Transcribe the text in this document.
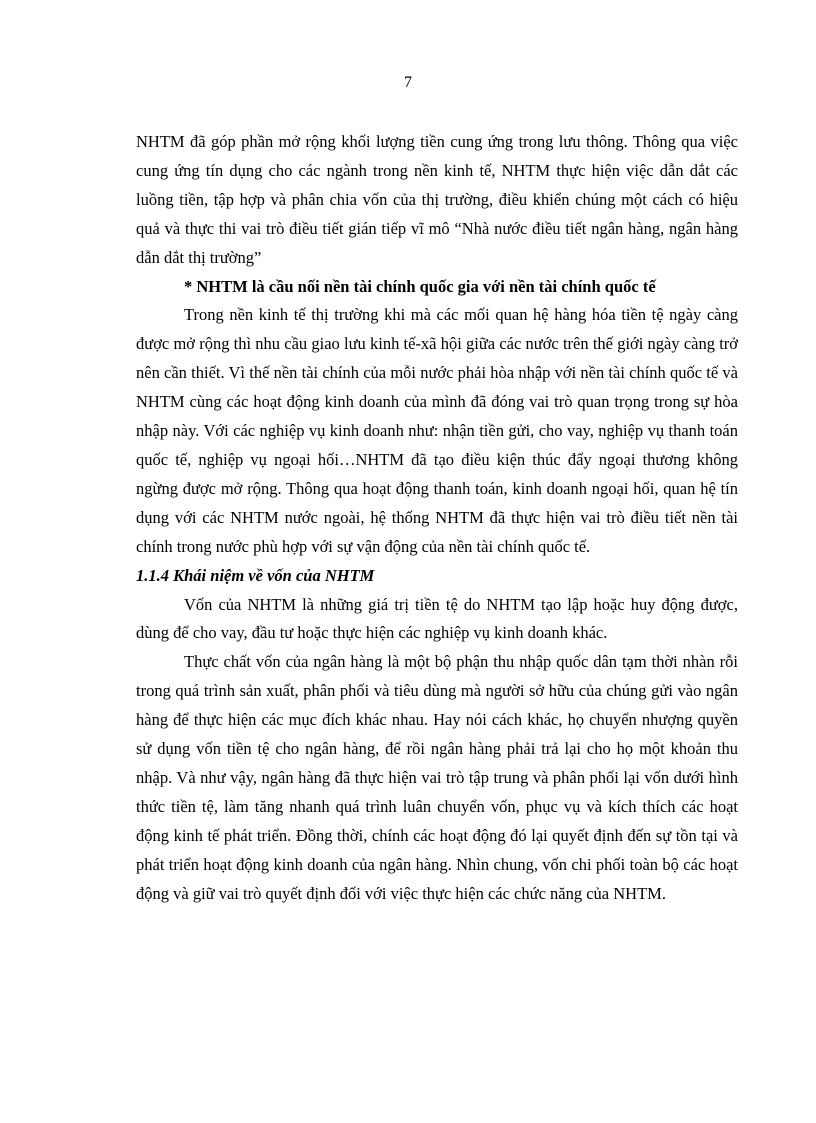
7

NHTM đã góp phần mở rộng khối lượng tiền cung ứng trong lưu thông. Thông qua việc cung ứng tín dụng cho các ngành trong nền kinh tế, NHTM thực hiện việc dẫn dắt các luồng tiền, tập hợp và phân chia vốn của thị trường, điều khiển chúng một cách có hiệu quả và thực thi vai trò điều tiết gián tiếp vĩ mô “Nhà nước điều tiết ngân hàng, ngân hàng dẫn dắt thị trường”

* NHTM là cầu nối nền tài chính quốc gia với nền tài chính quốc tế

Trong nền kinh tế thị trường khi mà các mối quan hệ hàng hóa tiền tệ ngày càng được mở rộng thì nhu cầu giao lưu kinh tế-xã hội giữa các nước trên thế giới ngày càng trở nên cần thiết. Vì thế nền tài chính của mỗi nước phải hòa nhập với nền tài chính quốc tế và NHTM cùng các hoạt động kinh doanh của mình đã đóng vai trò quan trọng trong sự hòa nhập này. Với các nghiệp vụ kinh doanh như: nhận tiền gửi, cho vay, nghiệp vụ thanh toán quốc tế, nghiệp vụ ngoại hối…NHTM đã tạo điều kiện thúc đẩy ngoại thương không ngừng được mở rộng. Thông qua hoạt động thanh toán, kinh doanh ngoại hối, quan hệ tín dụng với các NHTM nước ngoài, hệ thống NHTM đã thực hiện vai trò điều tiết nền tài chính trong nước phù hợp với sự vận động của nền tài chính quốc tế.

1.1.4 Khái niệm về vốn của NHTM

Vốn của NHTM là những giá trị tiền tệ do NHTM tạo lập hoặc huy động được, dùng để cho vay, đầu tư hoặc thực hiện các nghiệp vụ kinh doanh khác.

Thực chất vốn của ngân hàng là một bộ phận thu nhập quốc dân tạm thời nhàn rỗi trong quá trình sản xuất, phân phối và tiêu dùng mà người sở hữu của chúng gửi vào ngân hàng để thực hiện các mục đích khác nhau. Hay nói cách khác, họ chuyển nhượng quyền sử dụng vốn tiền tệ cho ngân hàng, để rồi ngân hàng phải trả lại cho họ một khoản thu nhập. Và như vậy, ngân hàng đã thực hiện vai trò tập trung và phân phối lại vốn dưới hình thức tiền tệ, làm tăng nhanh quá trình luân chuyển vốn, phục vụ và kích thích các hoạt động kinh tế phát triển. Đồng thời, chính các hoạt động đó lại quyết định đến sự tồn tại và phát triển hoạt động kinh doanh của ngân hàng. Nhìn chung, vốn chi phối toàn bộ các hoạt động và giữ vai trò quyết định đối với việc thực hiện các chức năng của NHTM.
